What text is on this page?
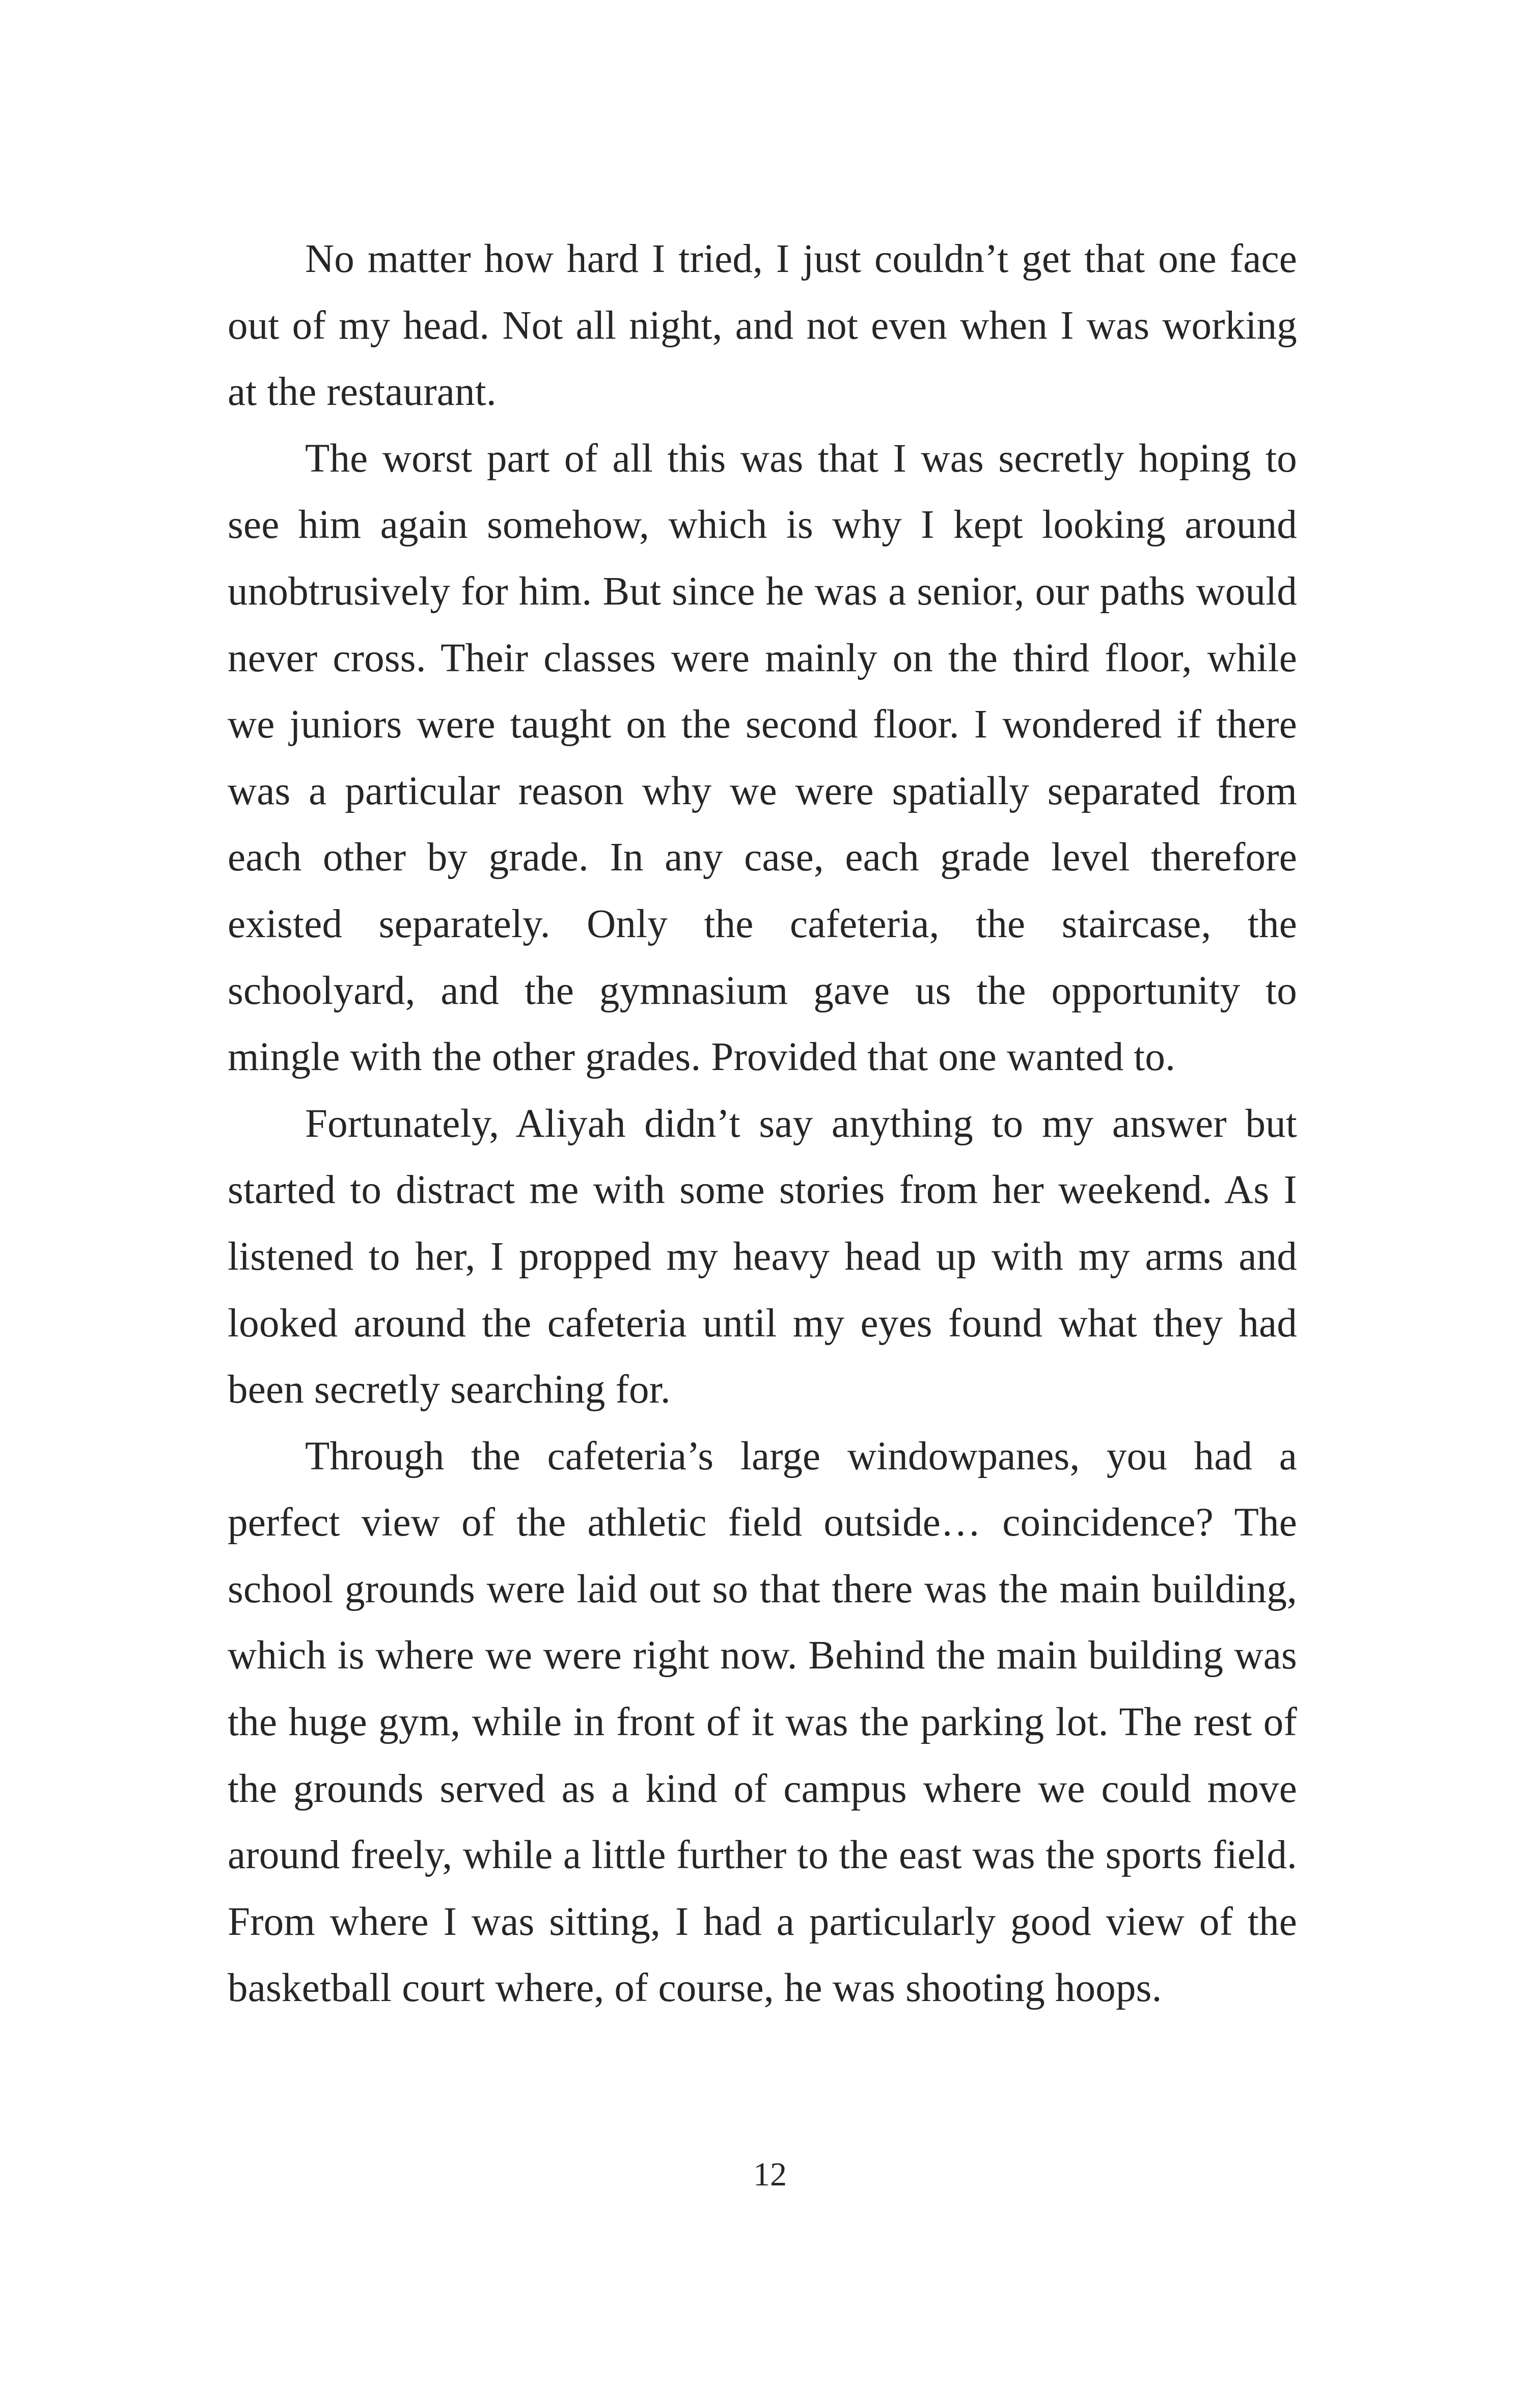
No matter how hard I tried, I just couldn’t get that one face out of my head. Not all night, and not even when I was working at the restaurant.

The worst part of all this was that I was secretly hoping to see him again somehow, which is why I kept looking around unobtrusively for him. But since he was a senior, our paths would never cross. Their classes were mainly on the third floor, while we juniors were taught on the second floor. I wondered if there was a particular reason why we were spatially separated from each other by grade. In any case, each grade level therefore existed separately. Only the cafeteria, the staircase, the schoolyard, and the gymnasium gave us the opportunity to mingle with the other grades. Provided that one wanted to.

Fortunately, Aliyah didn’t say anything to my answer but started to distract me with some stories from her weekend. As I listened to her, I propped my heavy head up with my arms and looked around the cafeteria until my eyes found what they had been secretly searching for.

Through the cafeteria’s large windowpanes, you had a perfect view of the athletic field outside… coincidence? The school grounds were laid out so that there was the main building, which is where we were right now. Behind the main building was the huge gym, while in front of it was the parking lot. The rest of the grounds served as a kind of campus where we could move around freely, while a little further to the east was the sports field. From where I was sitting, I had a particularly good view of the basketball court where, of course, he was shooting hoops.

12
